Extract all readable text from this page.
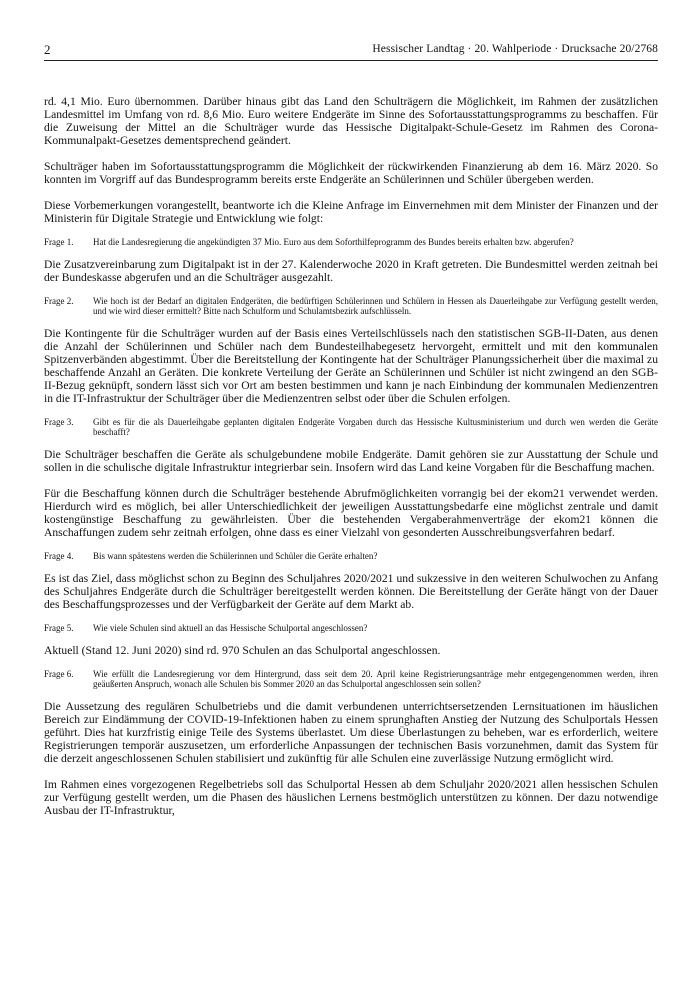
2	Hessischer Landtag · 20. Wahlperiode · Drucksache 20/2768

rd. 4,1 Mio. Euro übernommen. Darüber hinaus gibt das Land den Schulträgern die Möglichkeit, im Rahmen der zusätzlichen Landesmittel im Umfang von rd. 8,6 Mio. Euro weitere Endgeräte im Sinne des Sofortausstattungsprogramms zu beschaffen. Für die Zuweisung der Mittel an die Schulträger wurde das Hessische Digitalpakt-Schule-Gesetz im Rahmen des Corona-Kommunalpakt-Gesetzes dementsprechend geändert.

Schulträger haben im Sofortausstattungsprogramm die Möglichkeit der rückwirkenden Finanzierung ab dem 16. März 2020. So konnten im Vorgriff auf das Bundesprogramm bereits erste Endgeräte an Schülerinnen und Schüler übergeben werden.

Diese Vorbemerkungen vorangestellt, beantworte ich die Kleine Anfrage im Einvernehmen mit dem Minister der Finanzen und der Ministerin für Digitale Strategie und Entwicklung wie folgt:

Frage 1.	Hat die Landesregierung die angekündigten 37 Mio. Euro aus dem Soforthilfeprogramm des Bundes bereits erhalten bzw. abgerufen?

Die Zusatzvereinbarung zum Digitalpakt ist in der 27. Kalenderwoche 2020 in Kraft getreten. Die Bundesmittel werden zeitnah bei der Bundeskasse abgerufen und an die Schulträger ausgezahlt.

Frage 2.	Wie hoch ist der Bedarf an digitalen Endgeräten, die bedürftigen Schülerinnen und Schülern in Hessen als Dauerleihgabe zur Verfügung gestellt werden, und wie wird dieser ermittelt? Bitte nach Schulform und Schulamtsbezirk aufschlüsseln.

Die Kontingente für die Schulträger wurden auf der Basis eines Verteilschlüssels nach den statistischen SGB-II-Daten, aus denen die Anzahl der Schülerinnen und Schüler nach dem Bundesteilhabegesetz hervorgeht, ermittelt und mit den kommunalen Spitzenverbänden abgestimmt. Über die Bereitstellung der Kontingente hat der Schulträger Planungssicherheit über die maximal zu beschaffende Anzahl an Geräten. Die konkrete Verteilung der Geräte an Schülerinnen und Schüler ist nicht zwingend an den SGB-II-Bezug geknüpft, sondern lässt sich vor Ort am besten bestimmen und kann je nach Einbindung der kommunalen Medienzentren in die IT-Infrastruktur der Schulträger über die Medienzentren selbst oder über die Schulen erfolgen.

Frage 3.	Gibt es für die als Dauerleihgabe geplanten digitalen Endgeräte Vorgaben durch das Hessische Kultusministerium und durch wen werden die Geräte beschafft?

Die Schulträger beschaffen die Geräte als schulgebundene mobile Endgeräte. Damit gehören sie zur Ausstattung der Schule und sollen in die schulische digitale Infrastruktur integrierbar sein. Insofern wird das Land keine Vorgaben für die Beschaffung machen.

Für die Beschaffung können durch die Schulträger bestehende Abrufmöglichkeiten vorrangig bei der ekom21 verwendet werden. Hierdurch wird es möglich, bei aller Unterschiedlichkeit der jeweiligen Ausstattungsbedarfe eine möglichst zentrale und damit kostengünstige Beschaffung zu gewährleisten. Über die bestehenden Vergaberahmenverträge der ekom21 können die Anschaffungen zudem sehr zeitnah erfolgen, ohne dass es einer Vielzahl von gesonderten Ausschreibungsverfahren bedarf.

Frage 4.	Bis wann spätestens werden die Schülerinnen und Schüler die Geräte erhalten?

Es ist das Ziel, dass möglichst schon zu Beginn des Schuljahres 2020/2021 und sukzessive in den weiteren Schulwochen zu Anfang des Schuljahres Endgeräte durch die Schulträger bereitgestellt werden können. Die Bereitstellung der Geräte hängt von der Dauer des Beschaffungsprozesses und der Verfügbarkeit der Geräte auf dem Markt ab.

Frage 5.	Wie viele Schulen sind aktuell an das Hessische Schulportal angeschlossen?

Aktuell (Stand 12. Juni 2020) sind rd. 970 Schulen an das Schulportal angeschlossen.

Frage 6.	Wie erfüllt die Landesregierung vor dem Hintergrund, dass seit dem 20. April keine Registrierungsanträge mehr entgegengenommen werden, ihren geäußerten Anspruch, wonach alle Schulen bis Sommer 2020 an das Schulportal angeschlossen sein sollen?

Die Aussetzung des regulären Schulbetriebs und die damit verbundenen unterrichtsersetzenden Lernsituationen im häuslichen Bereich zur Eindämmung der COVID-19-Infektionen haben zu einem sprunghaften Anstieg der Nutzung des Schulportals Hessen geführt. Dies hat kurzfristig einige Teile des Systems überlastet. Um diese Überlastungen zu beheben, war es erforderlich, weitere Registrierungen temporär auszusetzen, um erforderliche Anpassungen der technischen Basis vorzunehmen, damit das System für die derzeit angeschlossenen Schulen stabilisiert und zukünftig für alle Schulen eine zuverlässige Nutzung ermöglicht wird.

Im Rahmen eines vorgezogenen Regelbetriebs soll das Schulportal Hessen ab dem Schuljahr 2020/2021 allen hessischen Schulen zur Verfügung gestellt werden, um die Phasen des häuslichen Lernens bestmöglich unterstützen zu können. Der dazu notwendige Ausbau der IT-Infrastruktur,
